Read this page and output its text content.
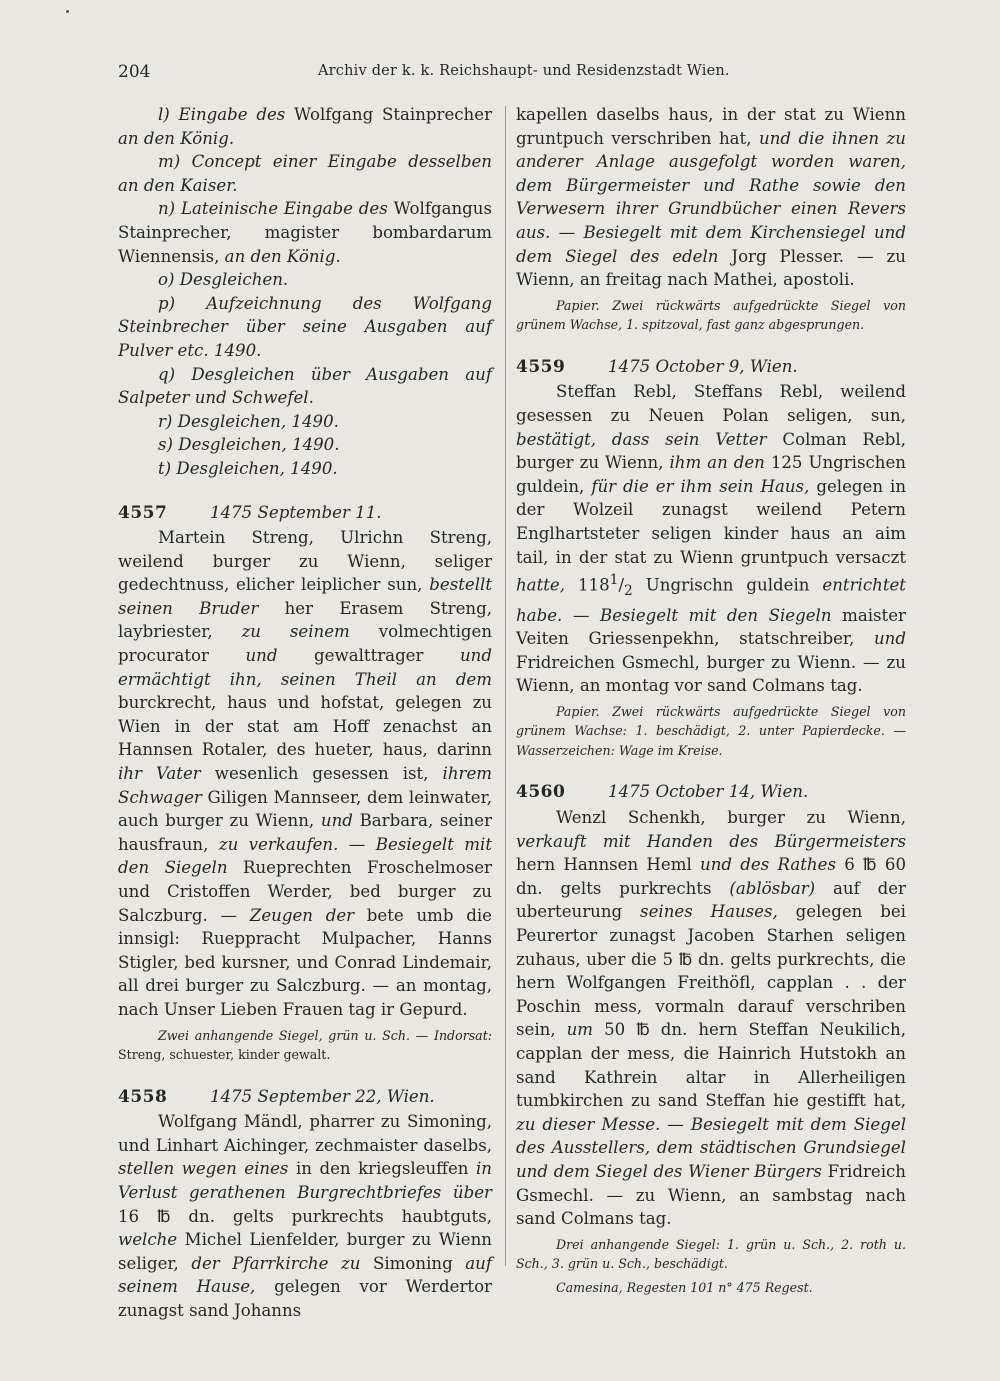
204	Archiv der k. k. Reichshaupt- und Residenzstadt Wien.

l) Eingabe des Wolfgang Stainprecher an den König.

m) Concept einer Eingabe desselben an den Kaiser.

n) Lateinische Eingabe des Wolfgangus Stainprecher, magister bombardarum Wiennensis, an den König.

o) Desgleichen.

p) Aufzeichnung des Wolfgang Steinbrecher über seine Ausgaben auf Pulver etc. 1490.

q) Desgleichen über Ausgaben auf Salpeter und Schwefel.

r) Desgleichen, 1490.

s) Desgleichen, 1490.

t) Desgleichen, 1490.

4557	1475 September 11.

Martein Streng, Ulrichn Streng, weilend burger zu Wienn, seliger gedechtnuss, elicher leiplicher sun, bestellt seinen Bruder her Erasem Streng, laybriester, zu seinem volmechtigen procurator und gewalttrager und ermächtigt ihn, seinen Theil an dem burckrecht, haus und hofstat, gelegen zu Wien in der stat am Hoff zenachst an Hannsen Rotaler, des hueter, haus, darinn ihr Vater wesenlich gesessen ist, ihrem Schwager Giligen Mannseer, dem leinwater, auch burger zu Wienn, und Barbara, seiner hausfraun, zu verkaufen. — Besiegelt mit den Siegeln Rueprechten Froschelmoser und Cristoffen Werder, bed burger zu Salczburg. — Zeugen der bete umb die innsigl: Rueppracht Mulpacher, Hanns Stigler, bed kursner, und Conrad Lindemair, all drei burger zu Salczburg. — an montag, nach Unser Lieben Frauen tag ir Gepurd.

Zwei anhangende Siegel, grün u. Sch. — Indorsat: Streng, schuester, kinder gewalt.

4558	1475 September 22, Wien.

Wolfgang Mändl, pharrer zu Simoning, und Linhart Aichinger, zechmaister daselbs, stellen wegen eines in den kriegsleuffen in Verlust gerathenen Burgrechtbriefes über 16 ℔ dn. gelts purkrechts haubtguts, welche Michel Lienfelder, burger zu Wienn seliger, der Pfarrkirche zu Simoning auf seinem Hause, gelegen vor Werdertor zunagst sand Johanns

kapellen daselbs haus, in der stat zu Wienn gruntpuch verschriben hat, und die ihnen zu anderer Anlage ausgefolgt worden waren, dem Bürgermeister und Rathe sowie den Verwesern ihrer Grundbücher einen Revers aus. — Besiegelt mit dem Kirchensiegel und dem Siegel des edeln Jorg Plesser. — zu Wienn, an freitag nach Mathei, apostoli.

Papier. Zwei rückwärts aufgedrückte Siegel von grünem Wachse, 1. spitzoval, fast ganz abgesprungen.

4559	1475 October 9, Wien.

Steffan Rebl, Steffans Rebl, weilend gesessen zu Neuen Polan seligen, sun, bestätigt, dass sein Vetter Colman Rebl, burger zu Wienn, ihm an den 125 Ungrischen guldein, für die er ihm sein Haus, gelegen in der Wolzeil zunagst weilend Petern Englhartsteter seligen kinder haus an aim tail, in der stat zu Wienn gruntpuch versaczt hatte, $118^1/_2$ Ungrischn guldein entrichtet habe. — Besiegelt mit den Siegeln maister Veiten Griessenpekhn, statschreiber, und Fridreichen Gsmechl, burger zu Wienn. — zu Wienn, an montag vor sand Colmans tag.

Papier. Zwei rückwärts aufgedrückte Siegel von grünem Wachse: 1. beschädigt, 2. unter Papierdecke. — Wasserzeichen: Wage im Kreise.

4560	1475 October 14, Wien.

Wenzl Schenkh, burger zu Wienn, verkauft mit Handen des Bürgermeisters hern Hannsen Heml und des Rathes 6 ℔ 60 dn. gelts purkrechts (ablösbar) auf der uberteurung seines Hauses, gelegen bei Peurertor zunagst Jacoben Starhen seligen zuhaus, uber die 5 ℔ dn. gelts purkrechts, die hern Wolfgangen Freithöfl, capplan . . der Poschin mess, vormaln darauf verschriben sein, um 50 ℔ dn. hern Steffan Neukilich, capplan der mess, die Hainrich Hutstokh an sand Kathrein altar in Allerheiligen tumbkirchen zu sand Steffan hie gestifft hat, zu dieser Messe. — Besiegelt mit dem Siegel des Ausstellers, dem städtischen Grundsiegel und dem Siegel des Wiener Bürgers Fridreich Gsmechl. — zu Wienn, an sambstag nach sand Colmans tag.

Drei anhangende Siegel: 1. grün u. Sch., 2. roth u. Sch., 3. grün u. Sch., beschädigt.

Camesina, Regesten 101 n° 475 Regest.
